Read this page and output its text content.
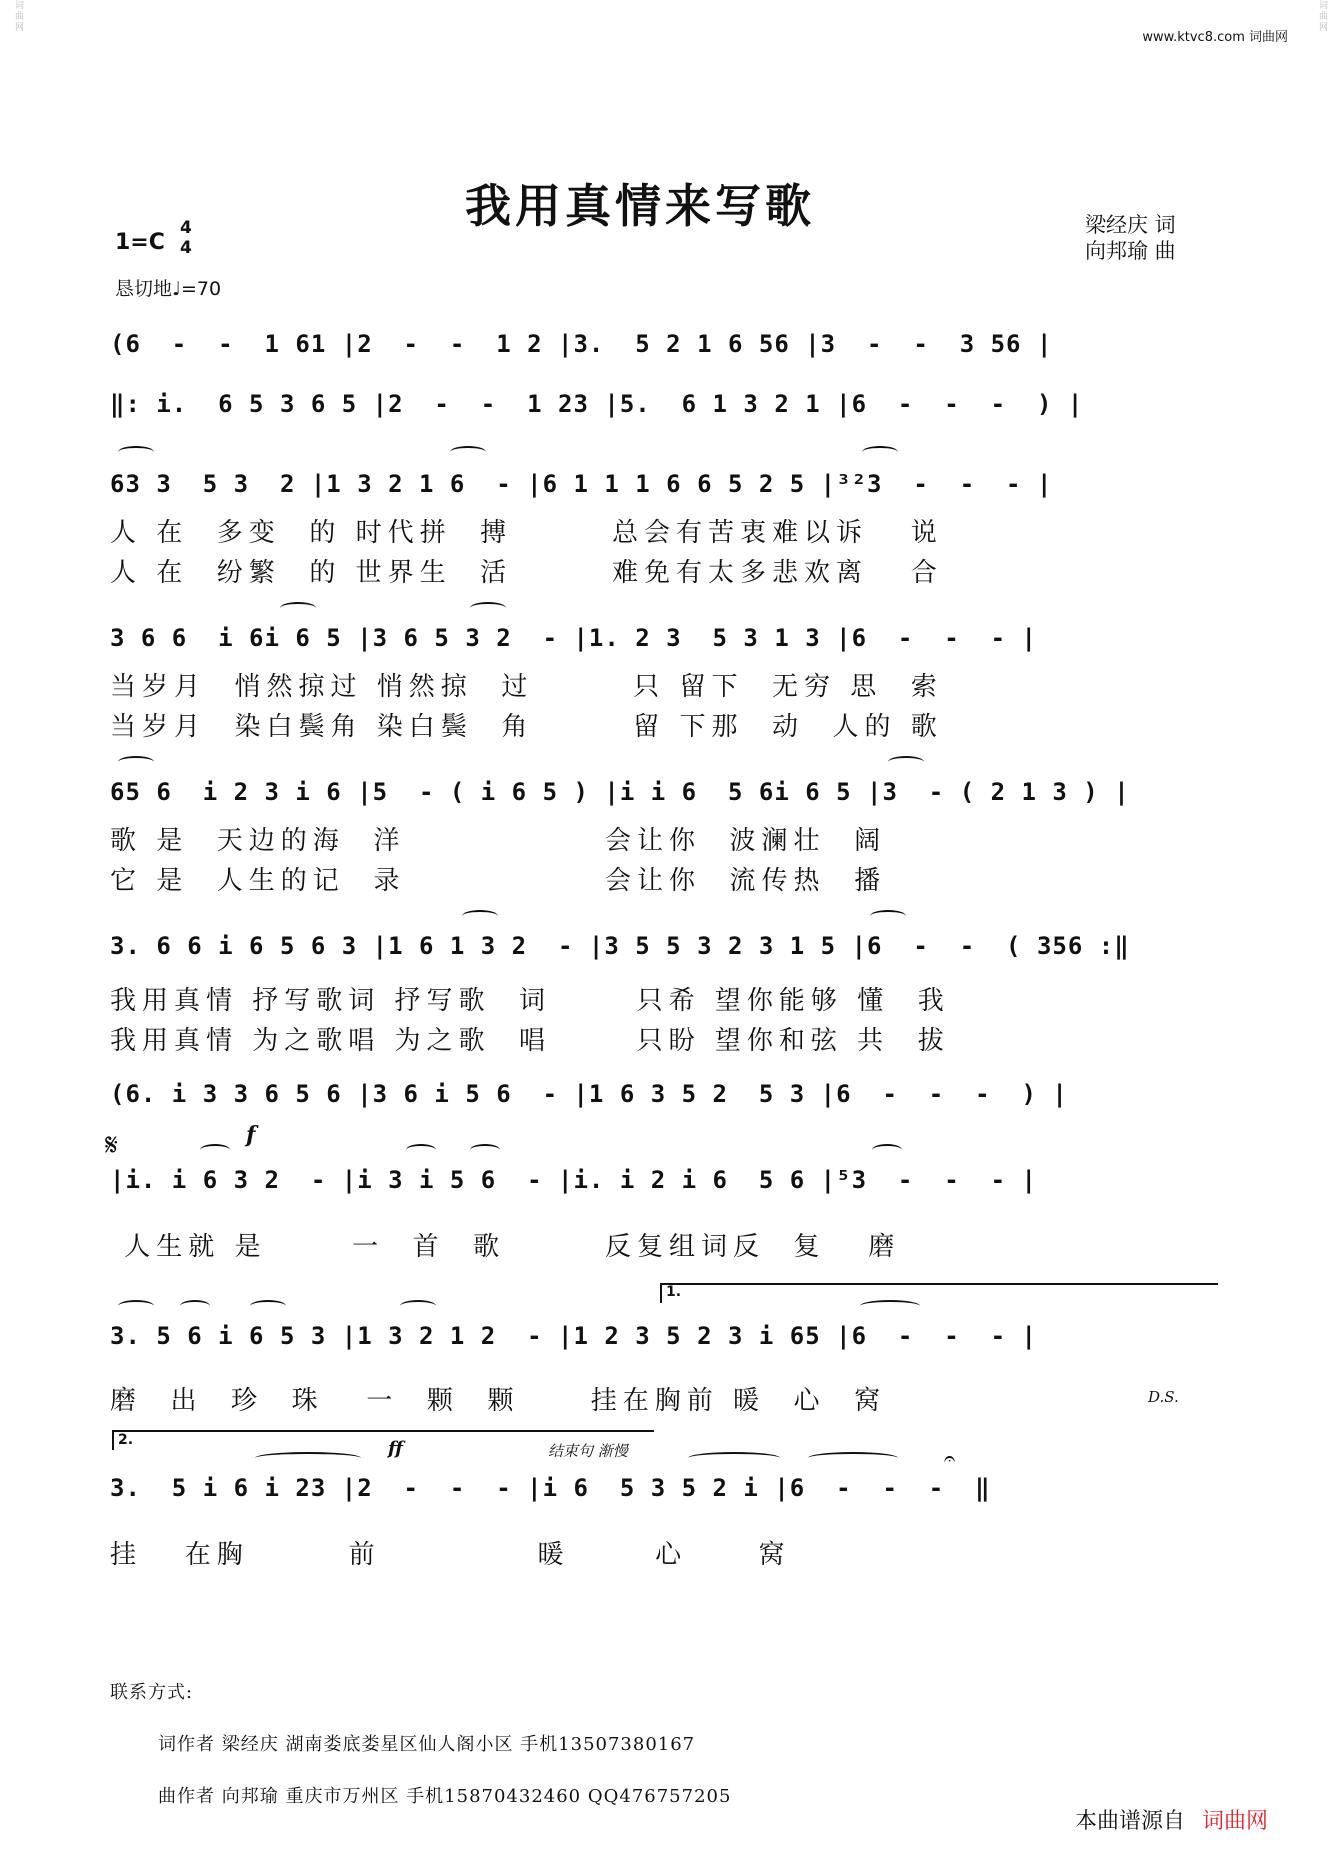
词曲网	词曲网
www.ktvc8.com 词曲网
我用真情来写歌	梁经庆 词
向邦瑜 曲
1=C
4
4
恳切地♩=70
(6  -  -  1 61 |2  -  -  1 2 |3.  5 2 1 6 56 |3  -  -  3 56 |
‖: i.  6 5 3 6 5 |2  -  -  1 23 |5.  6 1 3 2 1 |6  -  -  -  ) |
63 3  5 3  2 |1 3 2 1 6  - |6 1 1 1 6 6 5 2 5 |³²3  -  -  - |
人 在  多变  的 时代拼  搏       总会有苦衷难以诉   说
人 在  纷繁  的 世界生  活       难免有太多悲欢离   合
3 6 6  i 6i 6 5 |3 6 5 3 2  - |1. 2 3  5 3 1 3 |6  -  -  - |
当岁月  悄然掠过 悄然掠  过       只 留下  无穷 思  索
当岁月  染白鬓角 染白鬓  角       留 下那  动  人的 歌
65 6  i 2 3 i 6 |5  - ( i 6 5 ) |i i 6  5 6i 6 5 |3  - ( 2 1 3 ) |
歌 是  天边的海  洋              会让你  波澜壮  阔
它 是  人生的记  录              会让你  流传热  播
3. 6 6 i 6 5 6 3 |1 6 1 3 2  - |3 5 5 3 2 3 1 5 |6  -  -  ( 356 :‖
我用真情 抒写歌词 抒写歌  词      只希 望你能够 懂  我
我用真情 为之歌唱 为之歌  唱      只盼 望你和弦 共  拔
(6. i 3 3 6 5 6 |3 6 i 5 6  - |1 6 3 5 2  5 3 |6  -  -  -  ) |
𝄋	f
|i. i 6 3 2  - |i 3 i 5 6  - |i. i 2 i 6  5 6 |⁵3  -  -  - |
人生就 是      一  首  歌       反复组词反  复   磨
1.
3. 5 6 i 6 5 3 |1 3 2 1 2  - |1 2 3 5 2 3 i 65 |6  -  -  - |
磨  出  珍  珠   一  颗  颗     挂在胸前 暖  心  窝	D.S.
2.	ff	结束句 渐慢	𝄐
3.  5 i 6 i 23 |2  -  -  - |i 6  5 3 5 2 i |6  -  -  -  ‖
挂   在胸       前           暖      心     窝
联系方式:
词作者 梁经庆 湖南娄底娄星区仙人阁小区 手机13507380167
曲作者 向邦瑜 重庆市万州区 手机15870432460 QQ476757205
本曲谱源自 词曲网
